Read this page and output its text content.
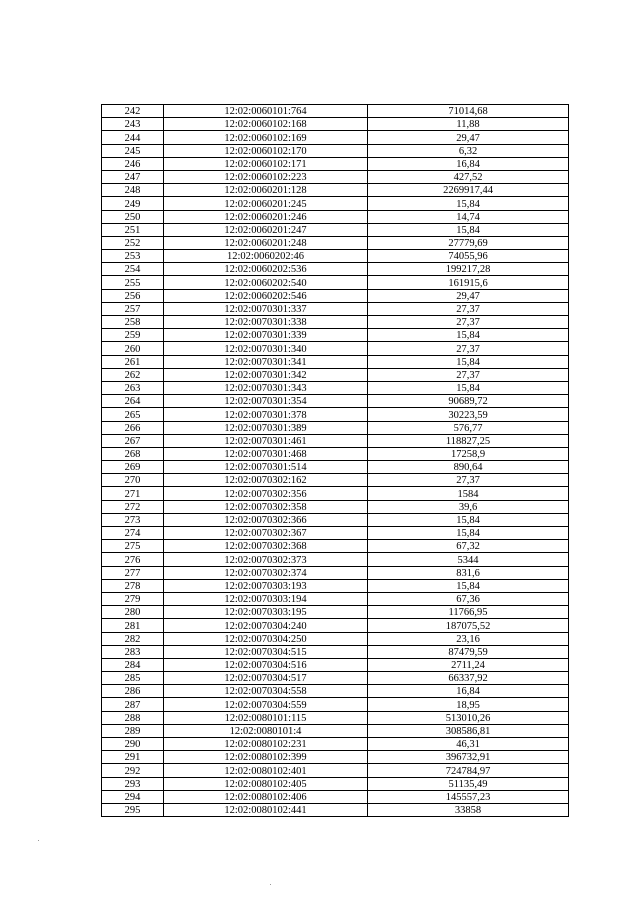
242	12:02:0060101:764	71014,68
243	12:02:0060102:168	11,88
244	12:02:0060102:169	29,47
245	12:02:0060102:170	6,32
246	12:02:0060102:171	16,84
247	12:02:0060102:223	427,52
248	12:02:0060201:128	2269917,44
249	12:02:0060201:245	15,84
250	12:02:0060201:246	14,74
251	12:02:0060201:247	15,84
252	12:02:0060201:248	27779,69
253	12:02:0060202:46	74055,96
254	12:02:0060202:536	199217,28
255	12:02:0060202:540	161915,6
256	12:02:0060202:546	29,47
257	12:02:0070301:337	27,37
258	12:02:0070301:338	27,37
259	12:02:0070301:339	15,84
260	12:02:0070301:340	27,37
261	12:02:0070301:341	15,84
262	12:02:0070301:342	27,37
263	12:02:0070301:343	15,84
264	12:02:0070301:354	90689,72
265	12:02:0070301:378	30223,59
266	12:02:0070301:389	576,77
267	12:02:0070301:461	118827,25
268	12:02:0070301:468	17258,9
269	12:02:0070301:514	890,64
270	12:02:0070302:162	27,37
271	12:02:0070302:356	1584
272	12:02:0070302:358	39,6
273	12:02:0070302:366	15,84
274	12:02:0070302:367	15,84
275	12:02:0070302:368	67,32
276	12:02:0070302:373	5344
277	12:02:0070302:374	831,6
278	12:02:0070303:193	15,84
279	12:02:0070303:194	67,36
280	12:02:0070303:195	11766,95
281	12:02:0070304:240	187075,52
282	12:02:0070304:250	23,16
283	12:02:0070304:515	87479,59
284	12:02:0070304:516	2711,24
285	12:02:0070304:517	66337,92
286	12:02:0070304:558	16,84
287	12:02:0070304:559	18,95
288	12:02:0080101:115	513010,26
289	12:02:0080101:4	308586,81
290	12:02:0080102:231	46,31
291	12:02:0080102:399	396732,91
292	12:02:0080102:401	724784,97
293	12:02:0080102:405	51135,49
294	12:02:0080102:406	145557,23
295	12:02:0080102:441	33858
